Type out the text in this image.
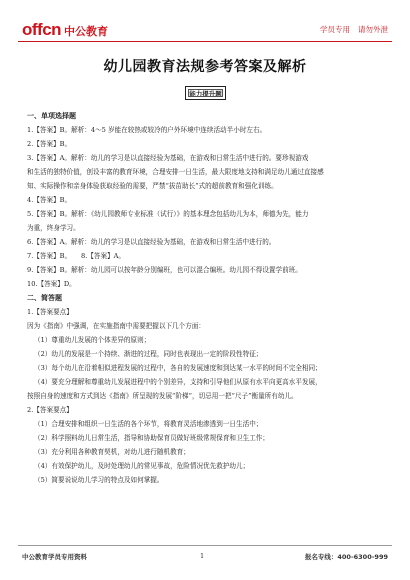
offcn 中公教育	学员专用 请勿外泄
幼儿园教育法规参考答案及解析
能力提升题
一、单项选择题
1.【答案】B。解析：4～5 岁能在较热或较冷的户外环境中连续活动半小时左右。
2.【答案】B。
3.【答案】A。解析：幼儿的学习是以直接经验为基础，在游戏和日常生活中进行的。要珍视游戏
和生活的独特价值，创设丰富的教育环境，合理安排一日生活，最大限度地支持和满足幼儿通过直接感
知、实际操作和亲身体验获取经验的需要，严禁“拔苗助长”式的超前教育和强化训练。
4.【答案】B。
5.【答案】B。解析：《幼儿园教师专业标准（试行）》的基本理念包括幼儿为本，师德为先，能力
为重，终身学习。
6.【答案】A。解析：幼儿的学习是以直接经验为基础，在游戏和日常生活中进行的。
7.【答案】B。　　8.【答案】A。
9.【答案】B。解析：幼儿园可以按年龄分别编班，也可以混合编班。幼儿园不得设置学前班。
10.【答案】D。
二、简答题
1.【答案要点】
因为《指南》中强调，在实施指南中需要把握以下几个方面：
（1）尊重幼儿发展的个体差异的原则；
（2）幼儿的发展是一个持续、渐进的过程，同时也表现出一定的阶段性特征；
（3）每个幼儿在沿着相似进程发展的过程中，各自的发展速度和到达某一水平的时间不完全相同；
（4）要充分理解和尊重幼儿发展进程中的个别差异，支持和引导他们从原有水平向更高水平发展，
按照自身的速度和方式到达《指南》所呈现的发展“阶梯”，切忌用一把“尺子”衡量所有幼儿。
2.【答案要点】
（1）合理安排和组织一日生活的各个环节，将教育灵活地渗透到一日生活中；
（2）科学照料幼儿日常生活，指导和协助保育员做好班级常规保育和卫生工作；
（3）充分利用各种教育契机，对幼儿进行随机教育；
（4）有效保护幼儿，及时处理幼儿的常见事故，危险情况优先救护幼儿；
（5）简要说说幼儿学习的特点及如何掌握。
中公教育学员专用资料	1	报名专线：400-6300-999
